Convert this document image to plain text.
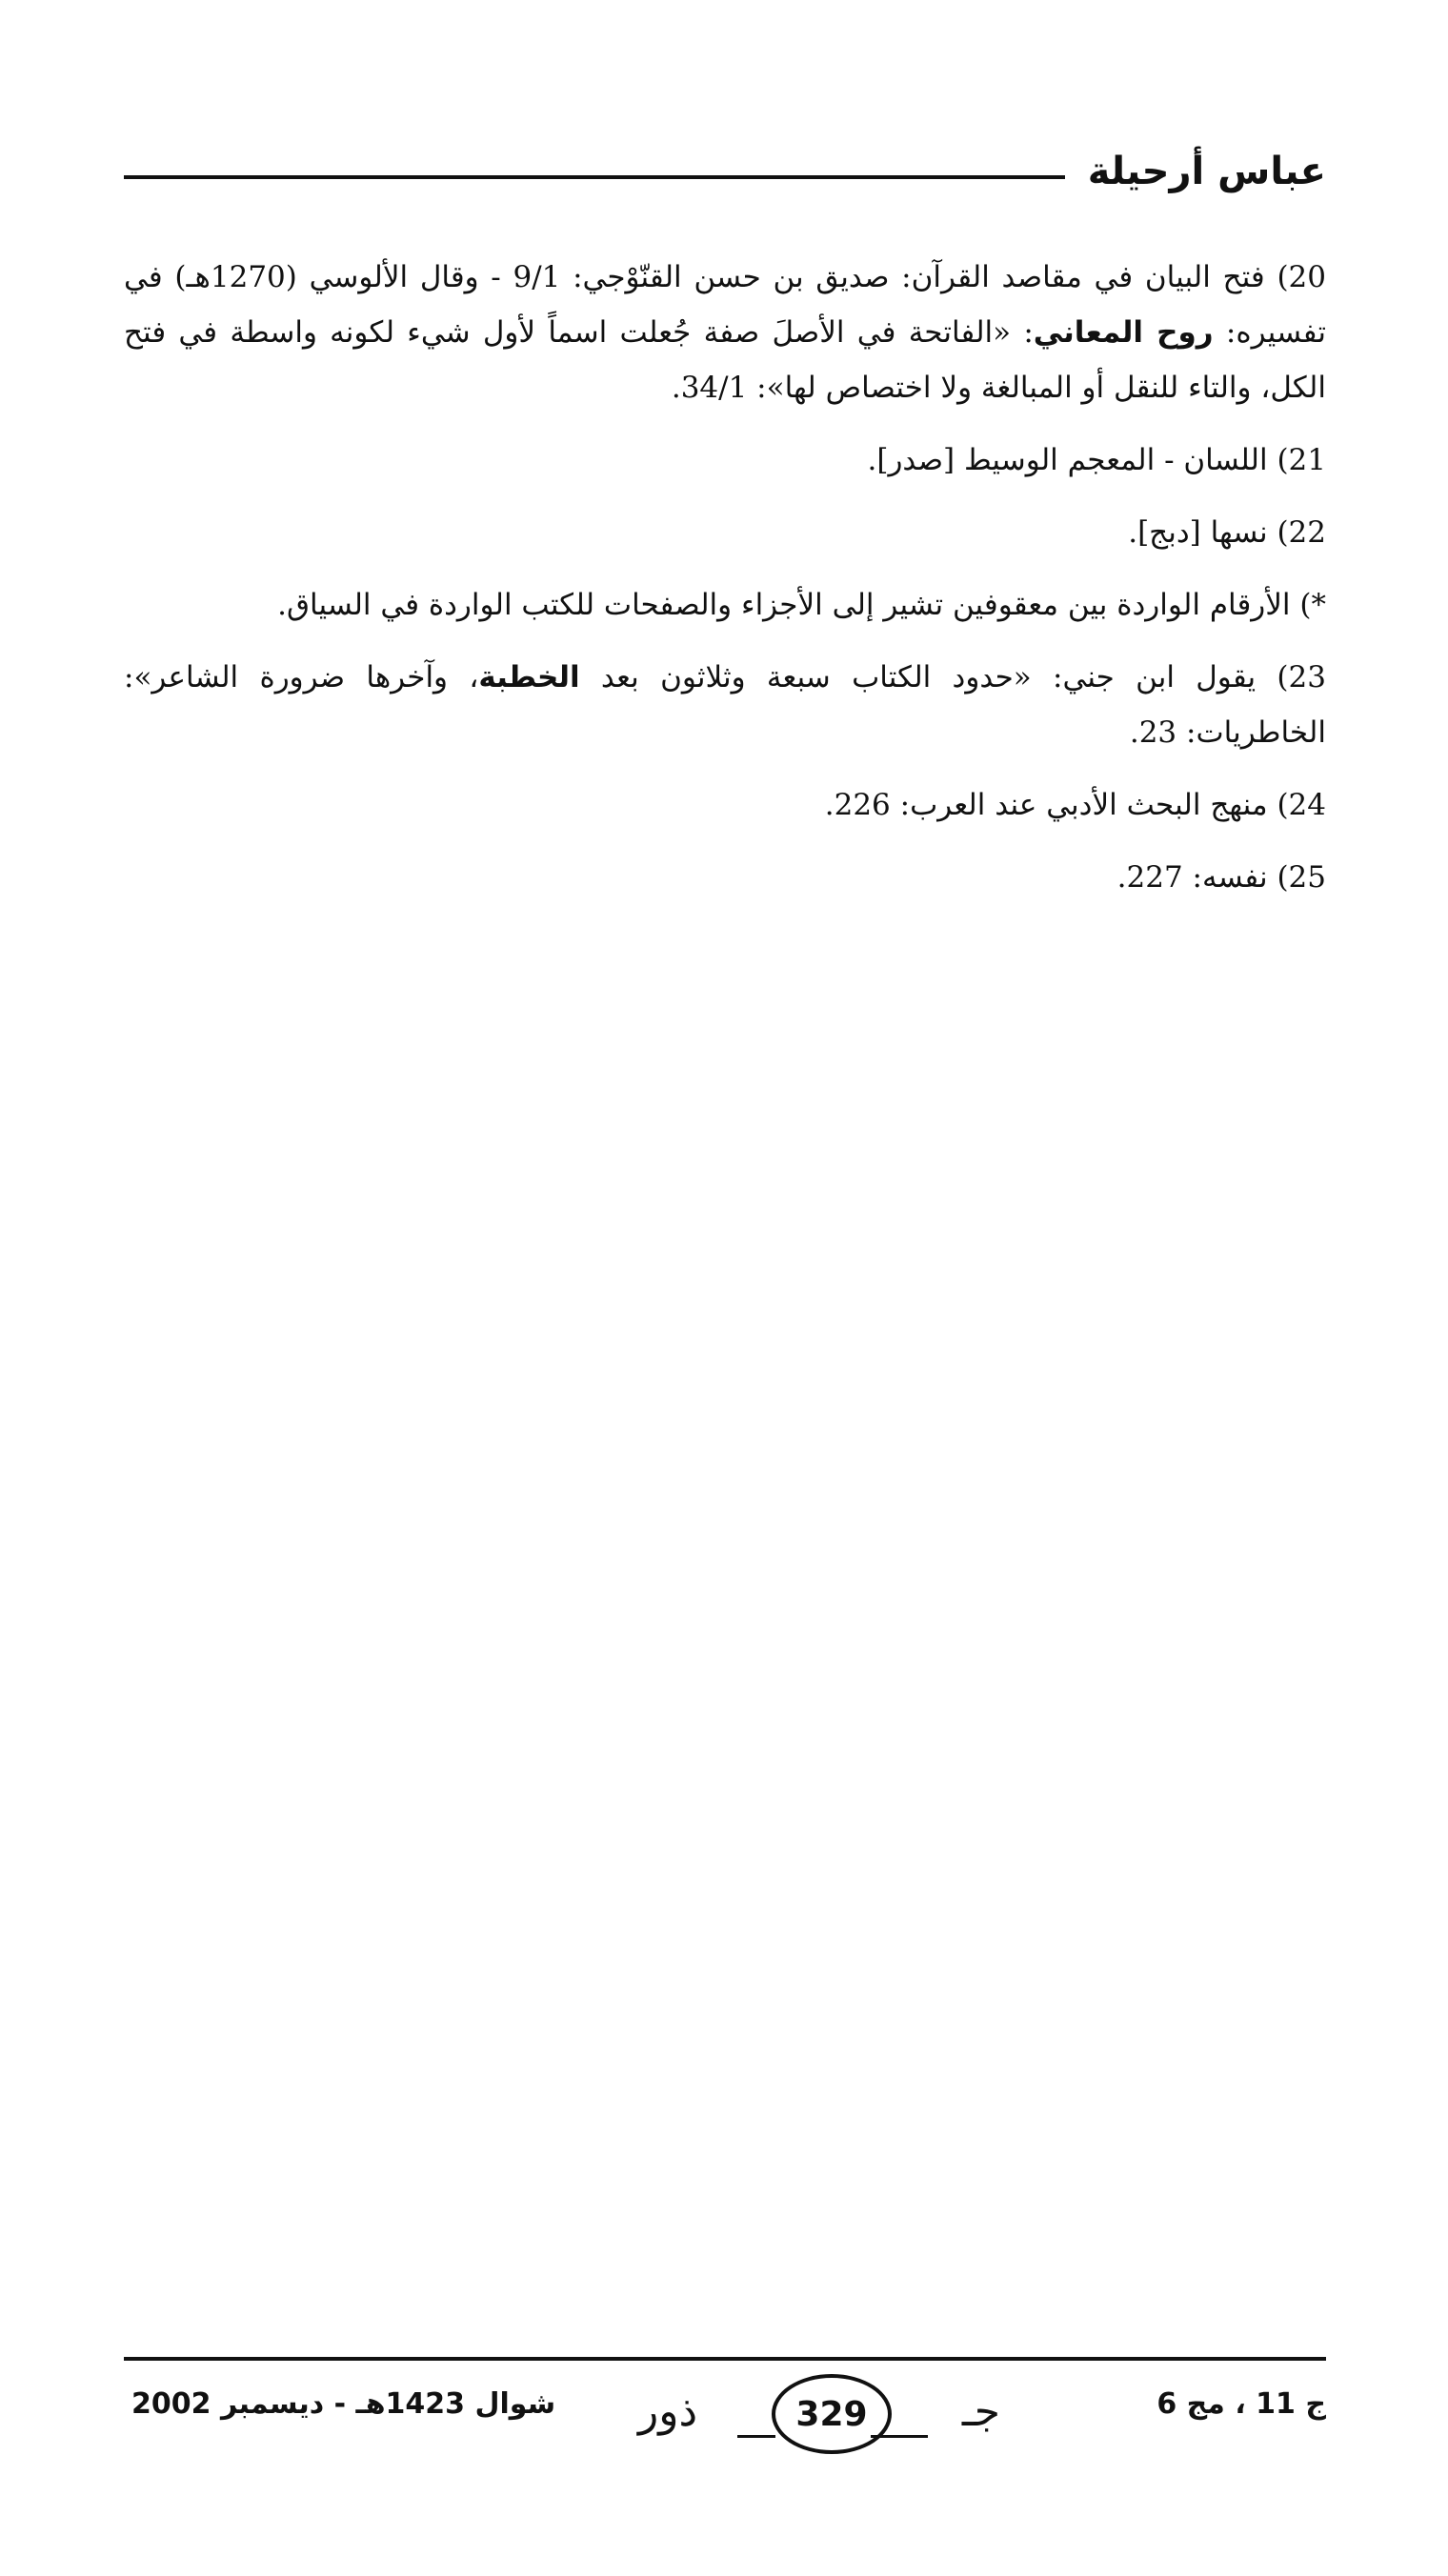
عباس أرحيلة

20) فتح البيان في مقاصد القرآن: صديق بن حسن القنّوْجي: 9/1 - وقال الألوسي (1270هـ) في تفسيره: روح المعاني: «الفاتحة في الأصلَ صفة جُعلت اسماً لأول شيء لكونه واسطة في فتح الكل، والتاء للنقل أو المبالغة ولا اختصاص لها»: 34/1.

21) اللسان - المعجم الوسيط [صدر].

22) نسها [دبج].

*) الأرقام الواردة بين معقوفين تشير إلى الأجزاء والصفحات للكتب الواردة في السياق.

23) يقول ابن جني: «حدود الكتاب سبعة وثلاثون بعد الخطبة، وآخرها ضرورة الشاعر»: الخاطريات: 23.

24) منهج البحث الأدبي عند العرب: 226.

25) نفسه: 227.

ج 11 ، مج 6
ذور	329 جـ
شوال 1423هـ - ديسمبر 2002
